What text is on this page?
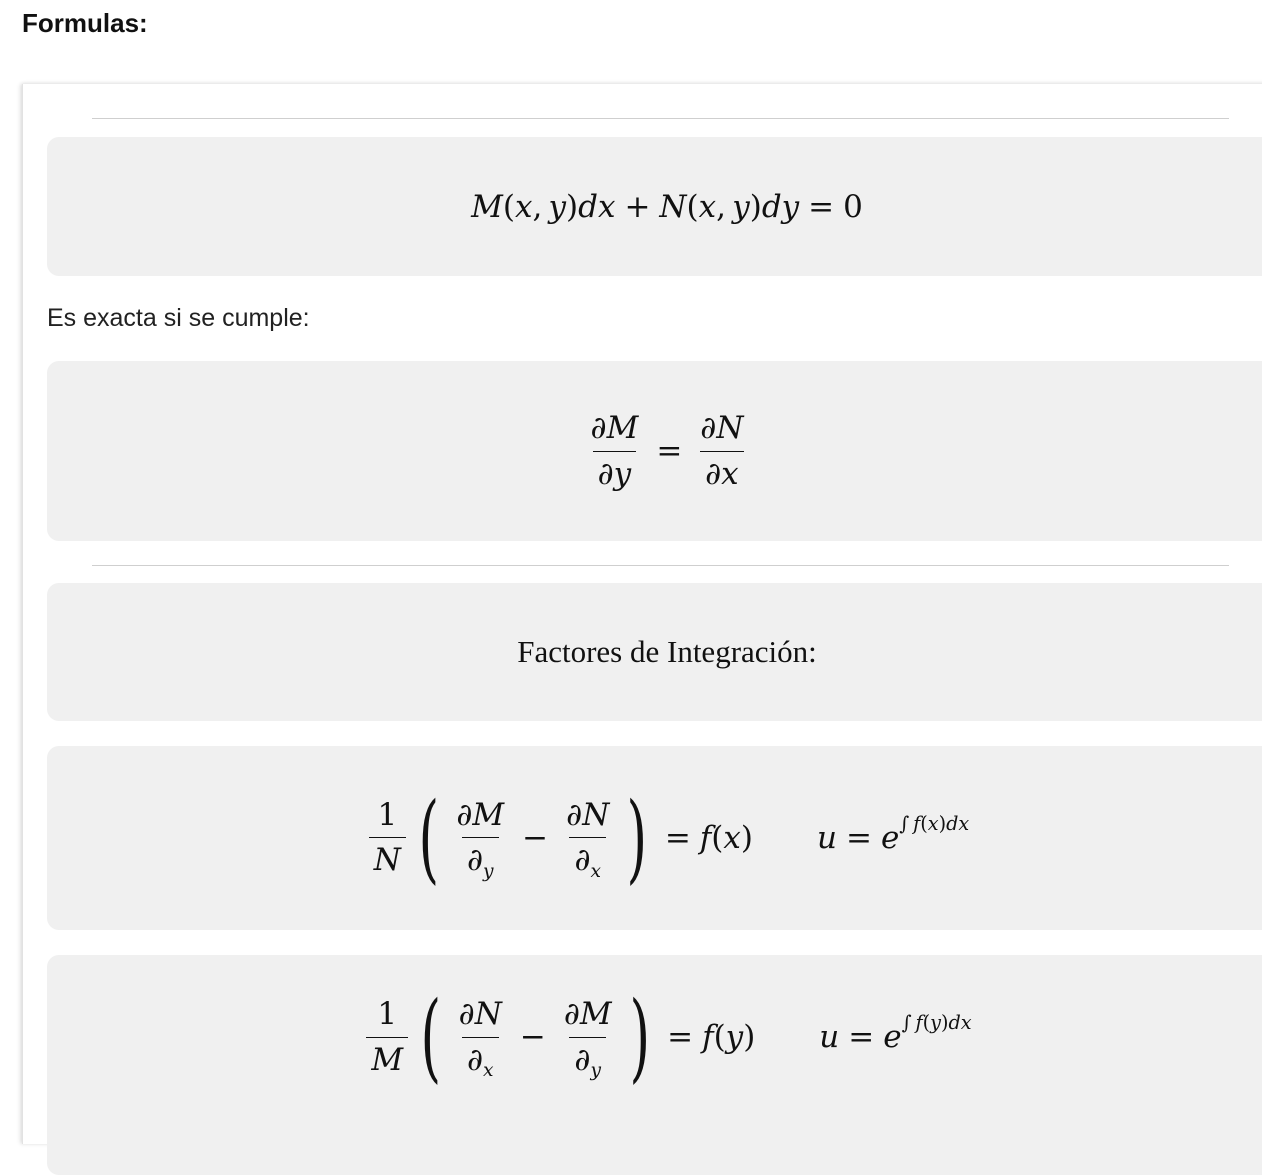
Formulas:
M ( x ,  y ) dx + N ( x ,  y ) dy = 0
Es exacta si se cumple:
$\frac{\partial M}{\partial y} = \frac{\partial N}{\partial x}$
Factores de Integración:
$\frac{1}{N}$ ( $\frac{\partial M}{\partial_y} - \frac{\partial N}{\partial_x}$ ) = f ( x ) u = e ∫  f(x)dx
$\frac{1}{M}$ ( $\frac{\partial N}{\partial_x} - \frac{\partial M}{\partial_y}$ ) = f ( y ) u = e ∫  f(y)dx
